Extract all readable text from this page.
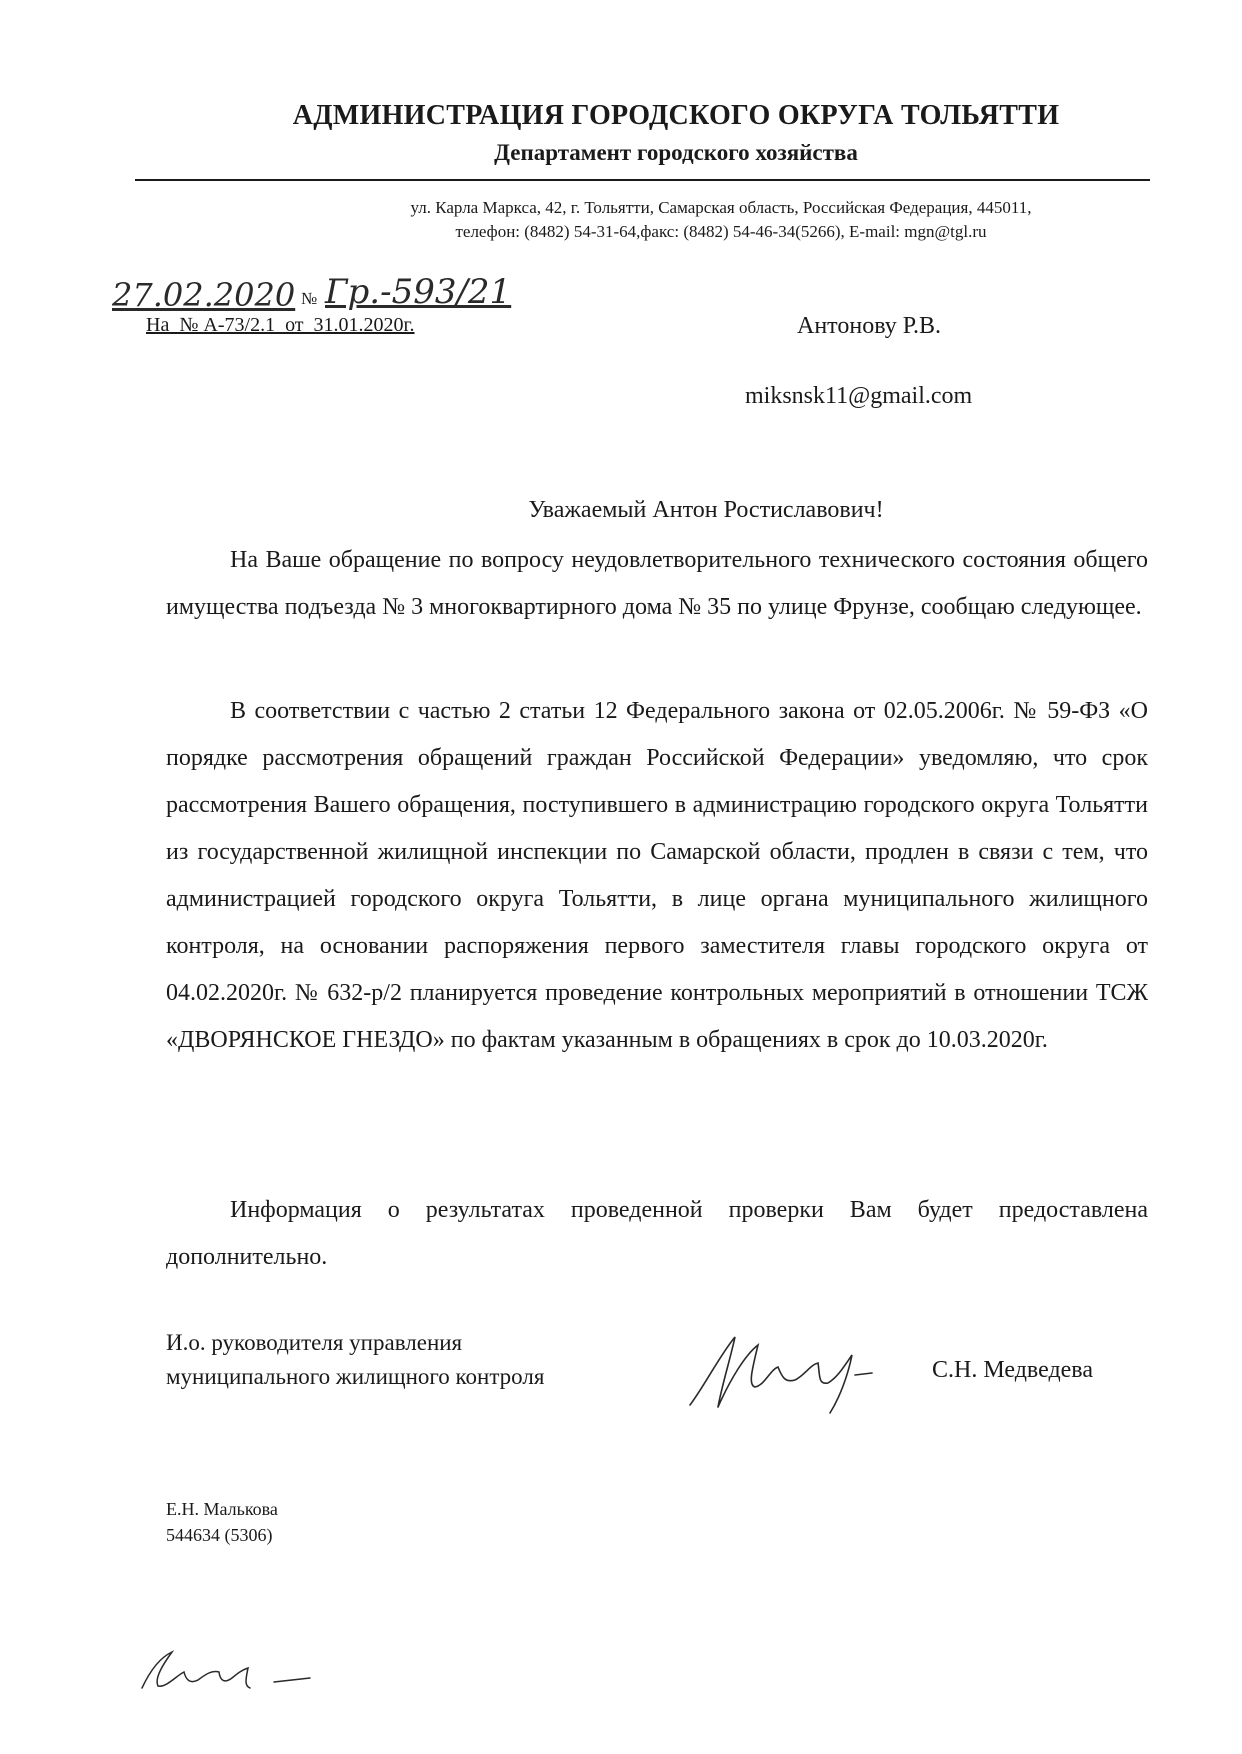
АДМИНИСТРАЦИЯ ГОРОДСКОГО ОКРУГА ТОЛЬЯТТИ
Департамент городского хозяйства
ул. Карла Маркса, 42, г. Тольятти, Самарская область, Российская Федерация, 445011,
телефон: (8482) 54-31-64,факс: (8482) 54-46-34(5266), E-mail: mgn@tgl.ru
27.02.2020 № Гр.-593/21
На  № А-73/2.1  от  31.01.2020г.	Антонову Р.В.
miksnsk11@gmail.com
Уважаемый Антон Ростиславович!

На Ваше обращение по вопросу неудовлетворительного технического состояния общего имущества подъезда № 3 многоквартирного дома № 35 по улице Фрунзе, сообщаю следующее.

В соответствии с частью 2 статьи 12 Федерального закона от 02.05.2006г. № 59-ФЗ «О порядке рассмотрения обращений граждан Российской Федерации» уведомляю, что срок рассмотрения Вашего обращения, поступившего в администрацию городского округа Тольятти из государственной жилищной инспекции по Самарской области, продлен в связи с тем, что администрацией городского округа Тольятти, в лице органа муниципального жилищного контроля, на основании распоряжения первого заместителя главы городского округа от 04.02.2020г. № 632-р/2 планируется проведение контрольных мероприятий в отношении ТСЖ «ДВОРЯНСКОЕ ГНЕЗДО» по фактам указанным в обращениях в срок до 10.03.2020г.

Информация о результатах проведенной проверки Вам будет предоставлена дополнительно.

И.о. руководителя управления
муниципального жилищного контроля	С.Н. Медведева
Е.Н. Малькова
544634 (5306)
